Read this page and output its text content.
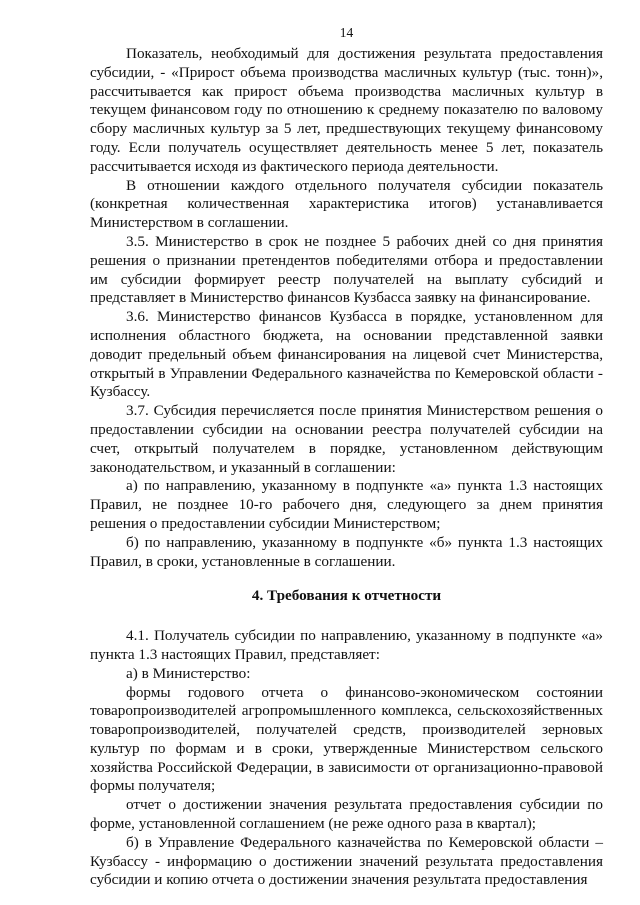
14

Показатель, необходимый для достижения результата предоставления субсидии, - «Прирост объема производства масличных культур (тыс. тонн)», рассчитывается как прирост объема производства масличных культур в текущем финансовом году по отношению к среднему показателю по валовому сбору масличных культур за 5 лет, предшествующих текущему финансовому году. Если получатель осуществляет деятельность менее 5 лет, показатель рассчитывается исходя из фактического периода деятельности.

В отношении каждого отдельного получателя субсидии показатель (конкретная количественная характеристика итогов) устанавливается Министерством в соглашении.

3.5. Министерство в срок не позднее 5 рабочих дней со дня принятия решения о признании претендентов победителями отбора и предоставлении им субсидии формирует реестр получателей на выплату субсидий и представляет в Министерство финансов Кузбасса заявку на финансирование.

3.6. Министерство финансов Кузбасса в порядке, установленном для исполнения областного бюджета, на основании представленной заявки доводит предельный объем финансирования на лицевой счет Министерства, открытый в Управлении Федерального казначейства по Кемеровской области - Кузбассу.

3.7. Субсидия перечисляется после принятия Министерством решения о предоставлении субсидии на основании реестра получателей субсидии на счет, открытый получателем в порядке, установленном действующим законодательством, и указанный в соглашении:

а) по направлению, указанному в подпункте «а» пункта 1.3 настоящих Правил, не позднее 10-го рабочего дня, следующего за днем принятия решения о предоставлении субсидии Министерством;

б) по направлению, указанному в подпункте «б» пункта 1.3 настоящих Правил, в сроки, установленные в соглашении.

4. Требования к отчетности

4.1. Получатель субсидии по направлению, указанному в подпункте «а» пункта 1.3 настоящих Правил, представляет:

а) в Министерство:

формы годового отчета о финансово-экономическом состоянии товаропроизводителей агропромышленного комплекса, сельскохозяйственных товаропроизводителей, получателей средств, производителей зерновых культур по формам и в сроки, утвержденные Министерством сельского хозяйства Российской Федерации, в зависимости от организационно-правовой формы получателя;

отчет о достижении значения результата предоставления субсидии по форме, установленной соглашением (не реже одного раза в квартал);

б) в Управление Федерального казначейства по Кемеровской области – Кузбассу - информацию о достижении значений результата предоставления субсидии и копию отчета о достижении значения результата предоставления
